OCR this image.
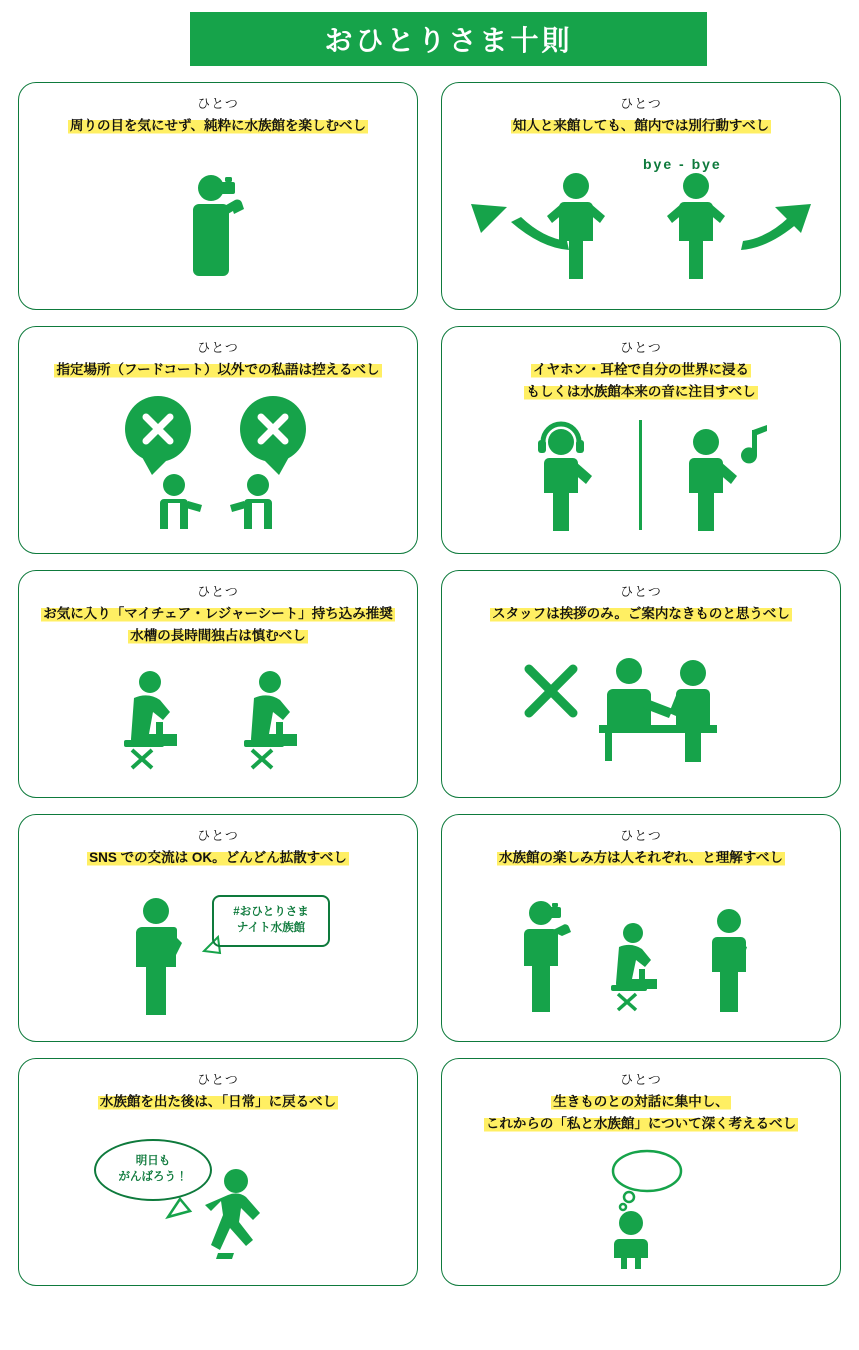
おひとりさま十則
ひとつ
周りの目を気にせず、純粋に水族館を楽しむべし
ひとつ
知人と来館しても、館内では別行動すべし
bye - bye
ひとつ
指定場所（フードコート）以外での私語は控えるべし
ひとつ
イヤホン・耳栓で自分の世界に浸る
もしくは水族館本来の音に注目すべし
ひとつ
お気に入り「マイチェア・レジャーシート」持ち込み推奨
水槽の長時間独占は慎むべし
ひとつ
スタッフは挨拶のみ。ご案内なきものと思うべし
ひとつ
SNS での交流は OK。どんどん拡散すべし
#おひとりさま
ナイト水族館
ひとつ
水族館の楽しみ方は人それぞれ、と理解すべし
ひとつ
水族館を出た後は、「日常」に戻るべし
明日も
がんばろう！
ひとつ
生きものとの対話に集中し、
これからの「私と水族館」について深く考えるべし
